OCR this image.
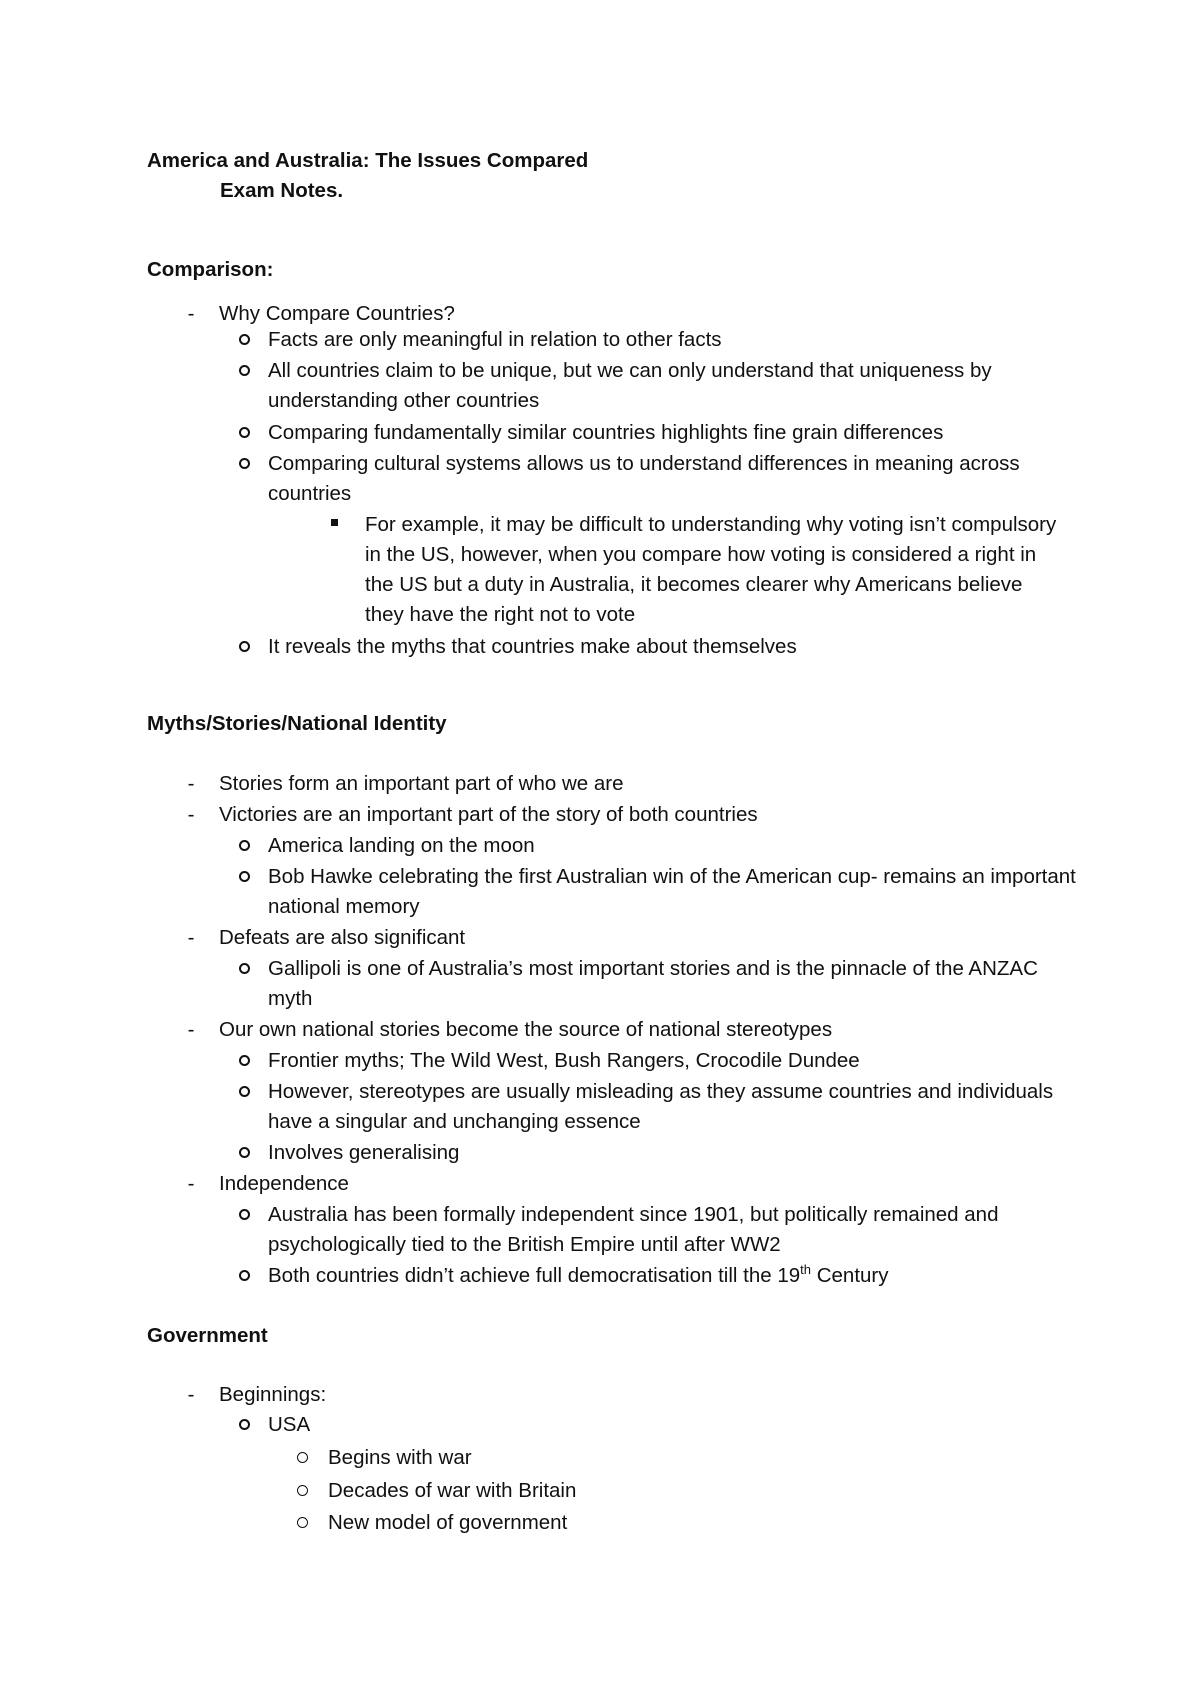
America and Australia: The Issues Compared
Exam Notes.
Comparison:
- Why Compare Countries?
Facts are only meaningful in relation to other facts
All countries claim to be unique, but we can only understand that uniqueness by understanding other countries
Comparing fundamentally similar countries highlights fine grain differences
Comparing cultural systems allows us to understand differences in meaning across countries
For example, it may be difficult to understanding why voting isn’t compulsory in the US, however, when you compare how voting is considered a right in the US but a duty in Australia, it becomes clearer why Americans believe they have the right not to vote
It reveals the myths that countries make about themselves
Myths/Stories/National Identity
- Stories form an important part of who we are
- Victories are an important part of the story of both countries
America landing on the moon
Bob Hawke celebrating the first Australian win of the American cup- remains an important national memory
- Defeats are also significant
Gallipoli is one of Australia’s most important stories and is the pinnacle of the ANZAC myth
- Our own national stories become the source of national stereotypes
Frontier myths; The Wild West, Bush Rangers, Crocodile Dundee
However, stereotypes are usually misleading as they assume countries and individuals have a singular and unchanging essence
Involves generalising
- Independence
Australia has been formally independent since 1901, but politically remained and psychologically tied to the British Empire until after WW2
Both countries didn’t achieve full democratisation till the 19th Century
Government
- Beginnings:
USA
Begins with war
Decades of war with Britain
New model of government
